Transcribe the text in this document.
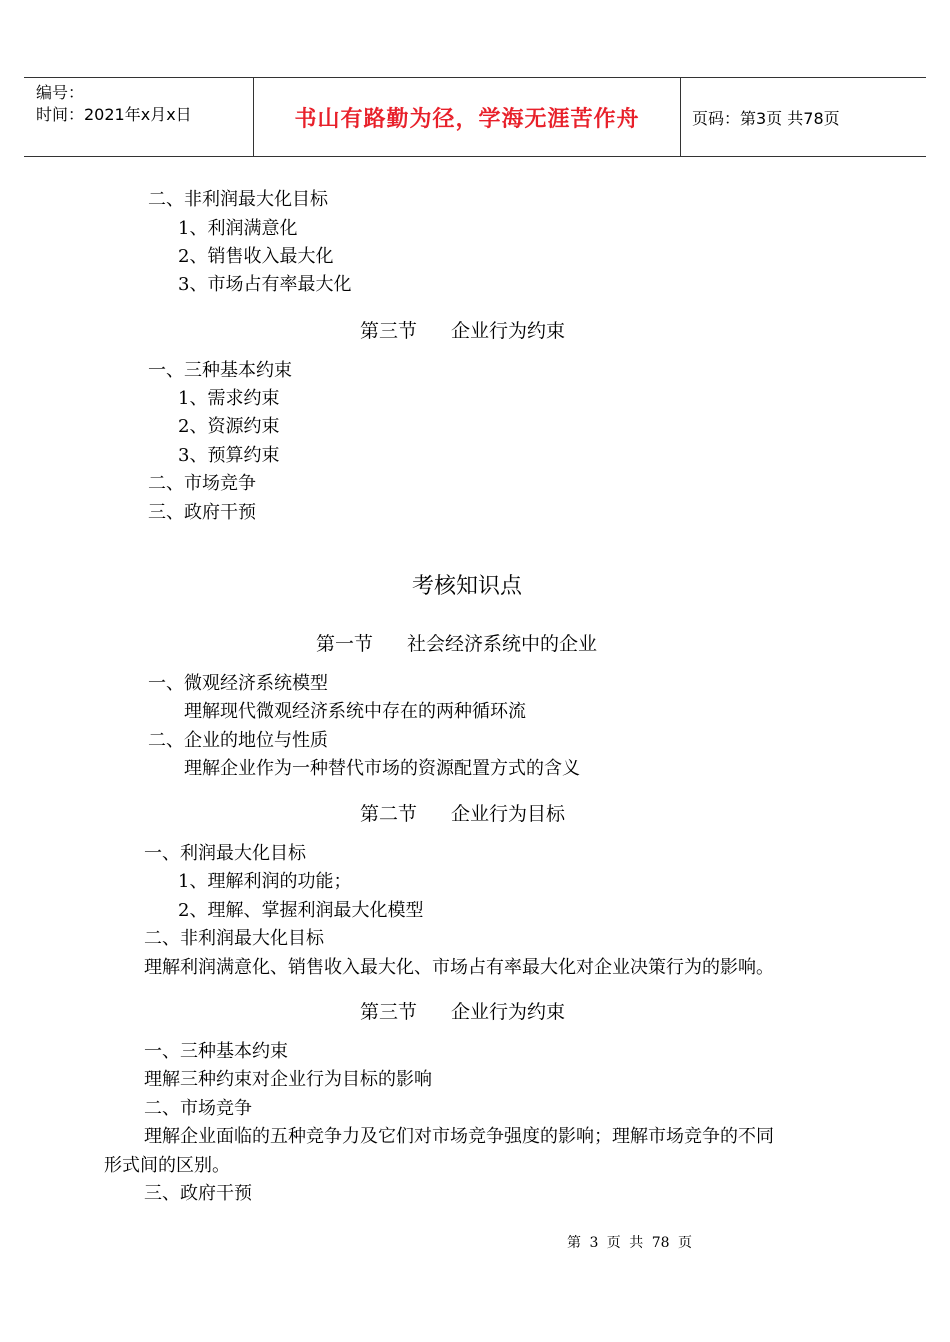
编号：
时间：2021年x月x日	书山有路勤为径，学海无涯苦作舟	页码：第3页 共78页
二、非利润最大化目标
1、利润满意化
2、销售收入最大化
3、市场占有率最大化
第三节 企业行为约束
一、三种基本约束
1、需求约束
2、资源约束
3、预算约束
二、市场竞争
三、政府干预
考核知识点
第一节 社会经济系统中的企业
一、微观经济系统模型
理解现代微观经济系统中存在的两种循环流
二、企业的地位与性质
理解企业作为一种替代市场的资源配置方式的含义
第二节 企业行为目标
一、利润最大化目标
1、理解利润的功能；
2、理解、掌握利润最大化模型
二、非利润最大化目标
理解利润满意化、销售收入最大化、市场占有率最大化对企业决策行为的影响。
第三节 企业行为约束
一、三种基本约束
理解三种约束对企业行为目标的影响
二、市场竞争
理解企业面临的五种竞争力及它们对市场竞争强度的影响；理解市场竞争的不同
形式间的区别。
三、政府干预
第 3 页 共 78 页
